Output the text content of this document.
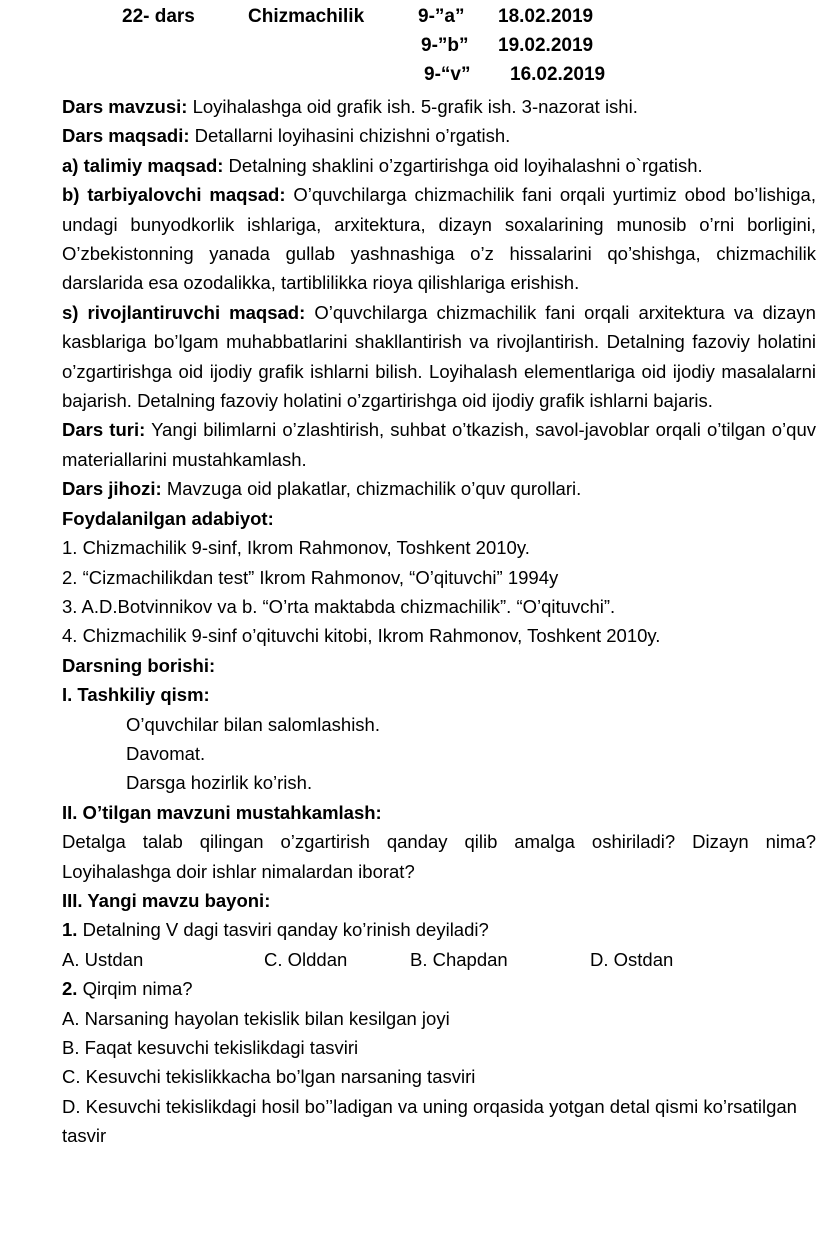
22- dars	Chizmachilik	9-”a” 18.02.2019
9-”b” 19.02.2019
9-“v” 16.02.2019

Dars mavzusi: Loyihalashga oid grafik ish. 5-grafik ish. 3-nazorat ishi.

Dars maqsadi: Detallarni loyihasini chizishni o’rgatish.

a) talimiy maqsad: Detalning shaklini o’zgartirishga oid loyihalashni o`rgatish.

b) tarbiyalovchi maqsad: O’quvchilarga chizmachilik fani orqali yurtimiz obod bo’lishiga, undagi bunyodkorlik ishlariga, arxitektura, dizayn soxalarining munosib o’rni borligini, O’zbekistonning yanada gullab yashnashiga o’z hissalarini qo’shishga, chizmachilik darslarida esa ozodalikka, tartiblilikka rioya qilishlariga erishish.

s) rivojlantiruvchi maqsad: O’quvchilarga chizmachilik fani orqali arxitektura va dizayn kasblariga bo’lgam muhabbatlarini shakllantirish va rivojlantirish. Detalning fazoviy holatini o’zgartirishga oid ijodiy grafik ishlarni bilish. Loyihalash elementlariga oid ijodiy masalalarni bajarish. Detalning fazoviy holatini o’zgartirishga oid ijodiy grafik ishlarni bajaris.

Dars turi: Yangi bilimlarni o’zlashtirish, suhbat o’tkazish, savol-javoblar orqali o’tilgan o’quv materiallarini mustahkamlash.

Dars jihozi: Mavzuga oid plakatlar, chizmachilik o’quv qurollari.

Foydalanilgan adabiyot:

1. Chizmachilik 9-sinf, Ikrom Rahmonov, Toshkent 2010y.

2. “Cizmachilikdan test” Ikrom Rahmonov, “O’qituvchi” 1994y

3. A.D.Botvinnikov va b. “O’rta maktabda chizmachilik”. “O’qituvchi”.

4. Chizmachilik 9-sinf o’qituvchi kitobi, Ikrom Rahmonov, Toshkent 2010y.

Darsning borishi:

I. Tashkiliy qism:

O’quvchilar bilan salomlashish.

Davomat.

Darsga hozirlik ko’rish.

II. O’tilgan mavzuni mustahkamlash:

Detalga talab qilingan o’zgartirish qanday qilib amalga oshiriladi? Dizayn nima? Loyihalashga doir ishlar nimalardan iborat?

III. Yangi mavzu bayoni:

1. Detalning V dagi tasviri qanday ko’rinish deyiladi?

A. Ustdan	C. Olddan	B. Chapdan	D. Ostdan

2. Qirqim nima?

A. Narsaning hayolan tekislik bilan kesilgan joyi

B. Faqat kesuvchi tekislikdagi tasviri

C. Kesuvchi tekislikkacha bo’lgan narsaning tasviri

D. Kesuvchi tekislikdagi hosil bo’’ladigan va uning orqasida yotgan detal qismi ko’rsatilgan tasvir
